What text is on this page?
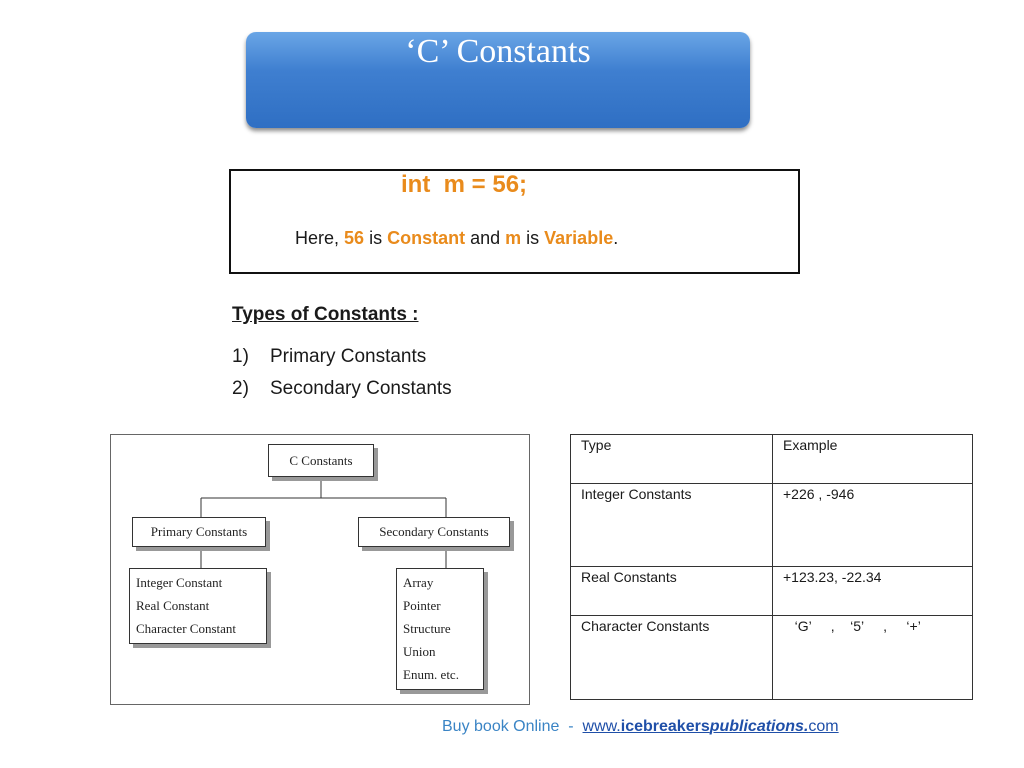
‘C’ Constants
int  m = 56;
Here, 56 is Constant and m is Variable.
Types of Constants :
1) Primary Constants
2) Secondary Constants
C Constants
Primary Constants	Secondary Constants
Integer Constant
Real Constant
Character Constant
Array
Pointer
Structure
Union
Enum. etc.
Type	Example
Integer Constants	+226 , -946
Real Constants	+123.23, -22.34
Character Constants	‘G’     ,    ‘5’     ,     ‘+’
Buy book Online  -  www.icebreakerspublications.com
